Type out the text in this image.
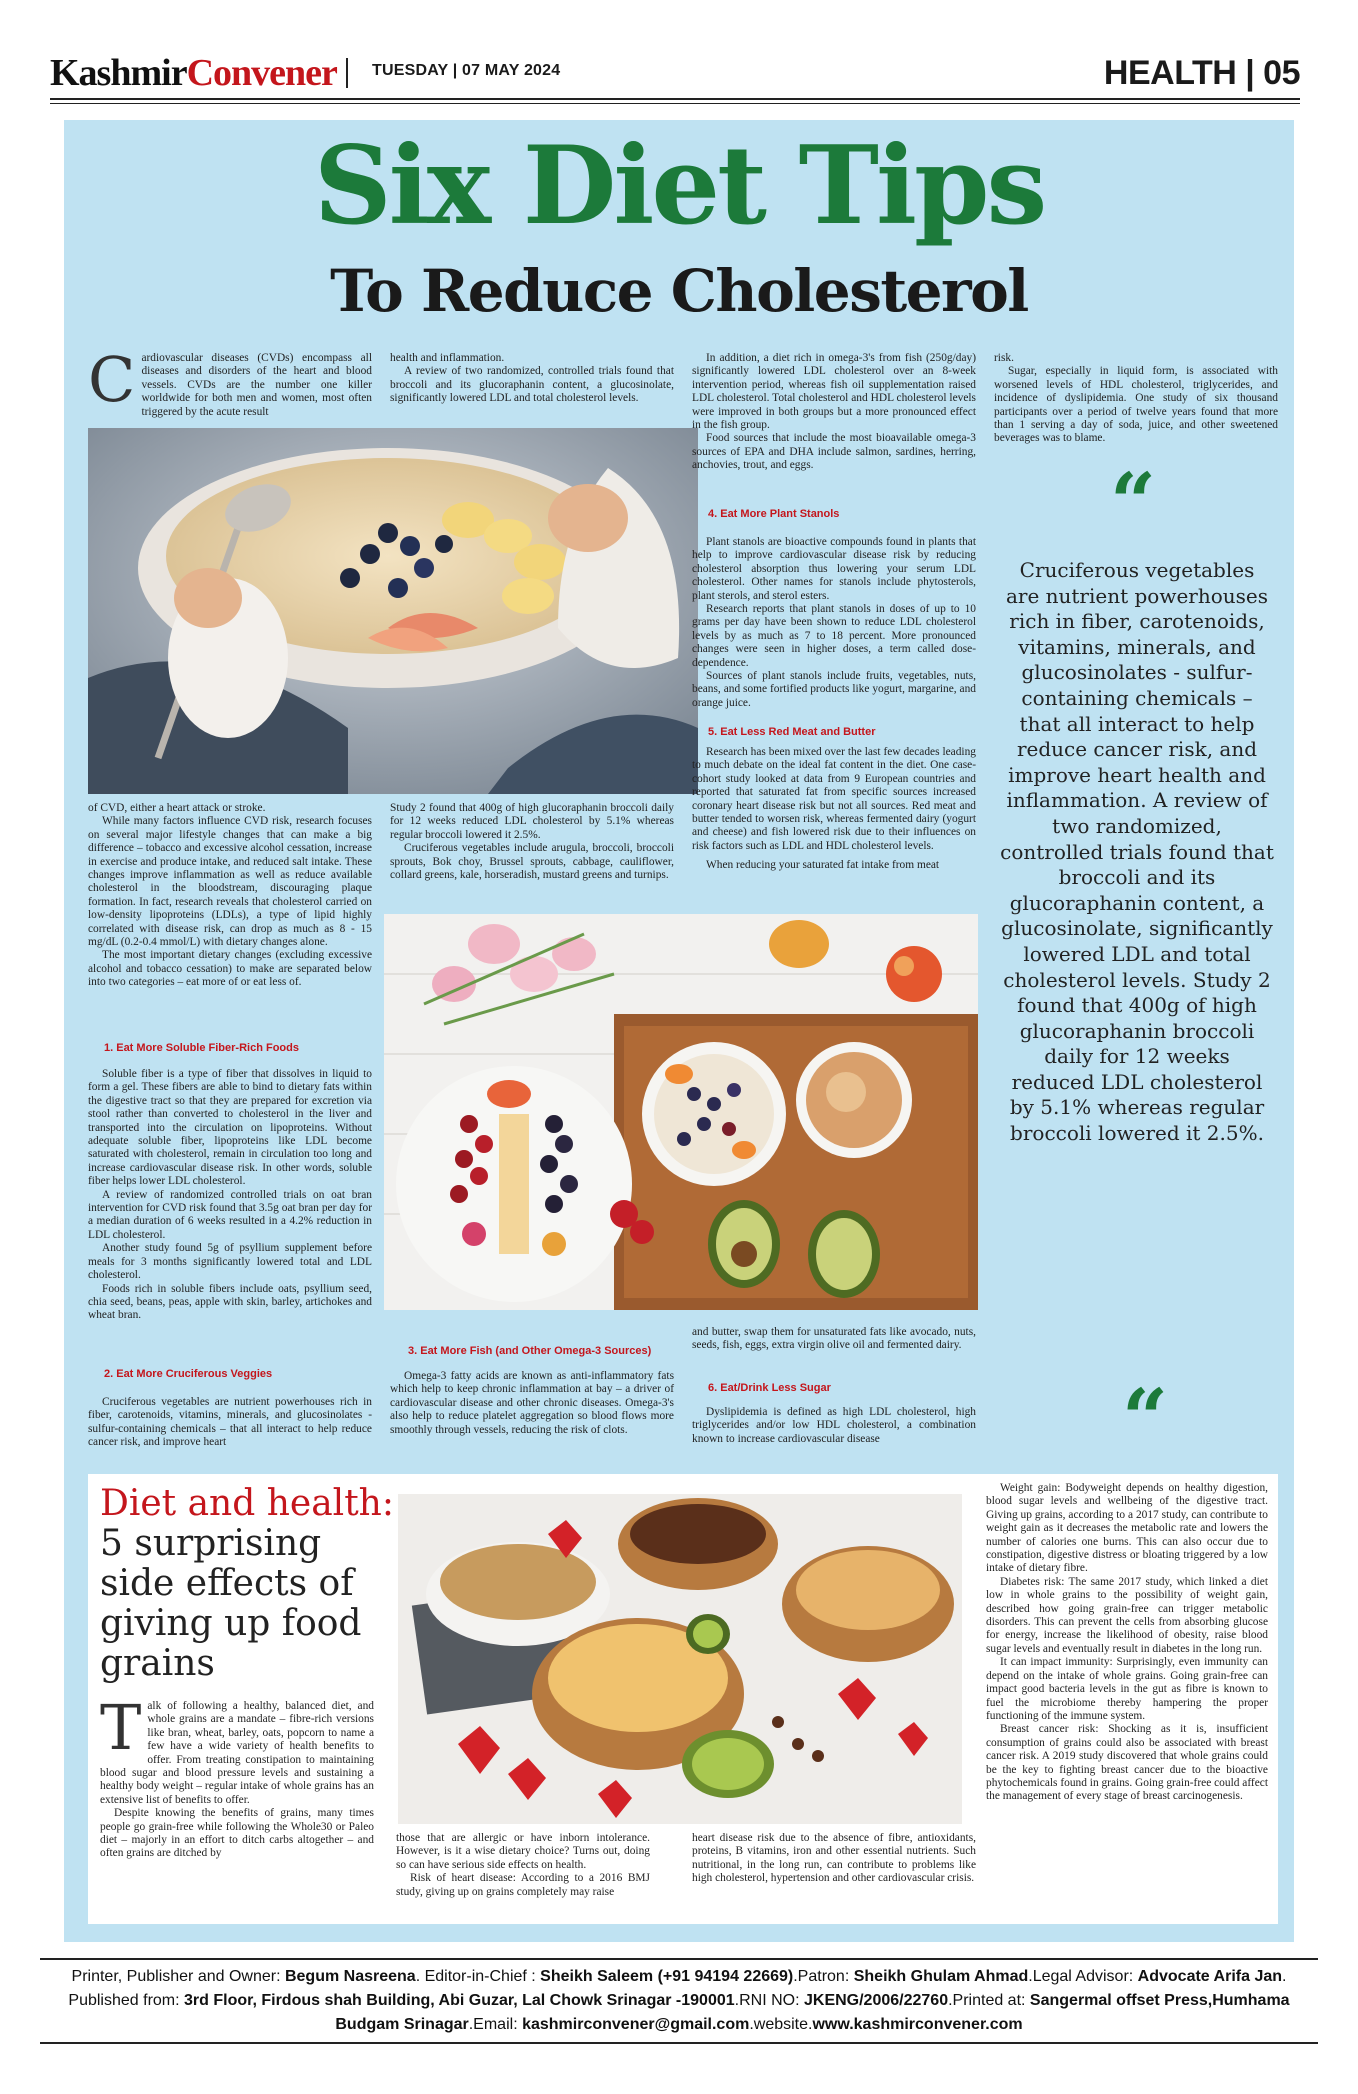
KashmirConvener TUESDAY | 07 MAY 2024	HEALTH | 05
Six Diet Tips
To Reduce Cholesterol
Cardiovascular diseases (CVDs) encompass all diseases and disorders of the heart and blood vessels. CVDs are the number one killer worldwide for both men and women, most often triggered by the acute result

health and inflammation.

A review of two randomized, controlled trials found that broccoli and its glucoraphanin content, a glucosinolate, significantly lowered LDL and total cholesterol levels.

In addition, a diet rich in omega-3's from fish (250g/day) significantly lowered LDL cholesterol over an 8-week intervention period, whereas fish oil supplementation raised LDL cholesterol. Total cholesterol and HDL cholesterol levels were improved in both groups but a more pronounced effect in the fish group.

Food sources that include the most bioavailable omega-3 sources of EPA and DHA include salmon, sardines, herring, anchovies, trout, and eggs.

4. Eat More Plant Stanols

Plant stanols are bioactive compounds found in plants that help to improve cardiovascular disease risk by reducing cholesterol absorption thus lowering your serum LDL cholesterol. Other names for stanols include phytosterols, plant sterols, and sterol esters.

Research reports that plant stanols in doses of up to 10 grams per day have been shown to reduce LDL cholesterol levels by as much as 7 to 18 percent. More pronounced changes were seen in higher doses, a term called dose-dependence.

Sources of plant stanols include fruits, vegetables, nuts, beans, and some fortified products like yogurt, margarine, and orange juice.

5. Eat Less Red Meat and Butter

Research has been mixed over the last few decades leading to much debate on the ideal fat content in the diet. One case-cohort study looked at data from 9 European countries and reported that saturated fat from specific sources increased coronary heart disease risk but not all sources. Red meat and butter tended to worsen risk, whereas fermented dairy (yogurt and cheese) and fish lowered risk due to their influences on risk factors such as LDL and HDL cholesterol levels.

When reducing your saturated fat intake from meat

risk.

Sugar, especially in liquid form, is associated with worsened levels of HDL cholesterol, triglycerides, and incidence of dyslipidemia. One study of six thousand participants over a period of twelve years found that more than 1 serving a day of soda, juice, and other sweetened beverages was to blame.

“
Cruciferous vegetables are nutrient powerhouses rich in fiber, carotenoids, vitamins, minerals, and glucosinolates - sulfur-containing chemicals – that all interact to help reduce cancer risk, and improve heart health and inflammation. A review of two randomized, controlled trials found that broccoli and its glucoraphanin content, a glucosinolate, significantly lowered LDL and total cholesterol levels. Study 2 found that 400g of high glucoraphanin broccoli daily for 12 weeks reduced LDL cholesterol by 5.1% whereas regular broccoli lowered it 2.5%.
“

of CVD, either a heart attack or stroke.

While many factors influence CVD risk, research focuses on several major lifestyle changes that can make a big difference – tobacco and excessive alcohol cessation, increase in exercise and produce intake, and reduced salt intake. These changes improve inflammation as well as reduce available cholesterol in the bloodstream, discouraging plaque formation. In fact, research reveals that cholesterol carried on low-density lipoproteins (LDLs), a type of lipid highly correlated with disease risk, can drop as much as 8 - 15 mg/dL (0.2-0.4 mmol/L) with dietary changes alone.

The most important dietary changes (excluding excessive alcohol and tobacco cessation) to make are separated below into two categories – eat more of or eat less of.

1. Eat More Soluble Fiber-Rich Foods

Soluble fiber is a type of fiber that dissolves in liquid to form a gel. These fibers are able to bind to dietary fats within the digestive tract so that they are prepared for excretion via stool rather than converted to cholesterol in the liver and transported into the circulation on lipoproteins. Without adequate soluble fiber, lipoproteins like LDL become saturated with cholesterol, remain in circulation too long and increase cardiovascular disease risk. In other words, soluble fiber helps lower LDL cholesterol.

A review of randomized controlled trials on oat bran intervention for CVD risk found that 3.5g oat bran per day for a median duration of 6 weeks resulted in a 4.2% reduction in LDL cholesterol.

Another study found 5g of psyllium supplement before meals for 3 months significantly lowered total and LDL cholesterol.

Foods rich in soluble fibers include oats, psyllium seed, chia seed, beans, peas, apple with skin, barley, artichokes and wheat bran.

2. Eat More Cruciferous Veggies

Cruciferous vegetables are nutrient powerhouses rich in fiber, carotenoids, vitamins, minerals, and glucosinolates - sulfur-containing chemicals – that all interact to help reduce cancer risk, and improve heart

Study 2 found that 400g of high glucoraphanin broccoli daily for 12 weeks reduced LDL cholesterol by 5.1% whereas regular broccoli lowered it 2.5%.

Cruciferous vegetables include arugula, broccoli, broccoli sprouts, Bok choy, Brussel sprouts, cabbage, cauliflower, collard greens, kale, horseradish, mustard greens and turnips.

3. Eat More Fish (and Other Omega-3 Sources)

Omega-3 fatty acids are known as anti-inflammatory fats which help to keep chronic inflammation at bay – a driver of cardiovascular disease and other chronic diseases. Omega-3's also help to reduce platelet aggregation so blood flows more smoothly through vessels, reducing the risk of clots.

and butter, swap them for unsaturated fats like avocado, nuts, seeds, fish, eggs, extra virgin olive oil and fermented dairy.

6. Eat/Drink Less Sugar

Dyslipidemia is defined as high LDL cholesterol, high triglycerides and/or low HDL cholesterol, a combination known to increase cardiovascular disease

Diet and health:
5 surprising side effects of giving up food grains
Talk of following a healthy, balanced diet, and whole grains are a mandate – fibre-rich versions like bran, wheat, barley, oats, popcorn to name a few have a wide variety of health benefits to offer. From treating constipation to maintaining blood sugar and blood pressure levels and sustaining a healthy body weight – regular intake of whole grains has an extensive list of benefits to offer.

Despite knowing the benefits of grains, many times people go grain-free while following the Whole30 or Paleo diet – majorly in an effort to ditch carbs altogether – and often grains are ditched by

those that are allergic or have inborn intolerance. However, is it a wise dietary choice? Turns out, doing so can have serious side effects on health.

Risk of heart disease: According to a 2016 BMJ study, giving up on grains completely may raise

heart disease risk due to the absence of fibre, antioxidants, proteins, B vitamins, iron and other essential nutrients. Such nutritional, in the long run, can contribute to problems like high cholesterol, hypertension and other cardiovascular crisis.

Weight gain: Bodyweight depends on healthy digestion, blood sugar levels and wellbeing of the digestive tract. Giving up grains, according to a 2017 study, can contribute to weight gain as it decreases the metabolic rate and lowers the number of calories one burns. This can also occur due to constipation, digestive distress or bloating triggered by a low intake of dietary fibre.

Diabetes risk: The same 2017 study, which linked a diet low in whole grains to the possibility of weight gain, described how going grain-free can trigger metabolic disorders. This can prevent the cells from absorbing glucose for energy, increase the likelihood of obesity, raise blood sugar levels and eventually result in diabetes in the long run.

It can impact immunity: Surprisingly, even immunity can depend on the intake of whole grains. Going grain-free can impact good bacteria levels in the gut as fibre is known to fuel the microbiome thereby hampering the proper functioning of the immune system.

Breast cancer risk: Shocking as it is, insufficient consumption of grains could also be associated with breast cancer risk. A 2019 study discovered that whole grains could be the key to fighting breast cancer due to the bioactive phytochemicals found in grains. Going grain-free could affect the management of every stage of breast carcinogenesis.

Printer, Publisher and Owner: Begum Nasreena. Editor-in-Chief : Sheikh Saleem (+91 94194 22669).Patron: Sheikh Ghulam Ahmad.Legal Advisor: Advocate Arifa Jan.
Published from: 3rd Floor, Firdous shah Building, Abi Guzar, Lal Chowk Srinagar -190001.RNI NO: JKENG/2006/22760.Printed at: Sangermal offset Press,Humhama
Budgam Srinagar.Email: kashmirconvener@gmail.com.website.www.kashmirconvener.com
